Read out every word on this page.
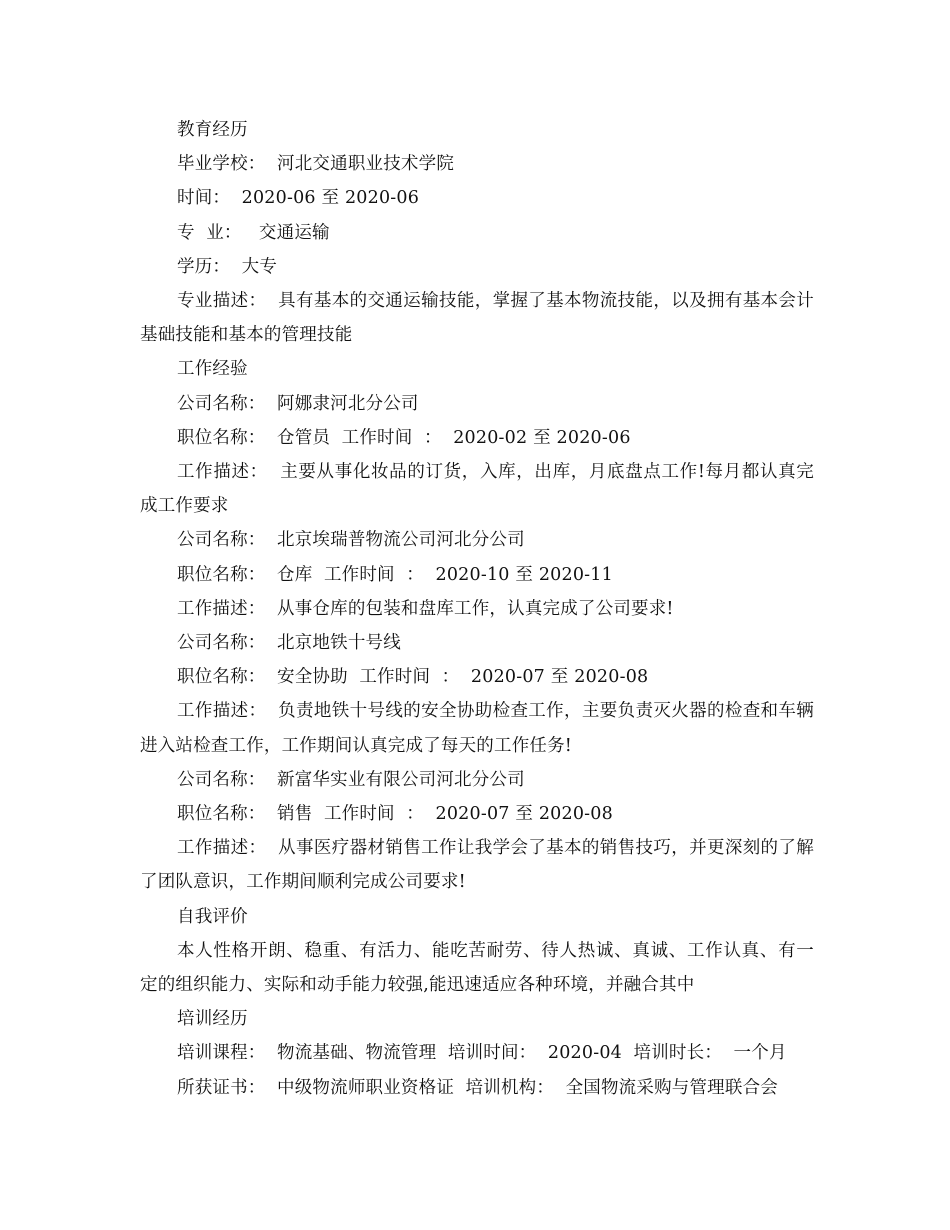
教育经历
毕业学校：  河北交通职业技术学院
时间：  2020-06 至 2020-06
专  业：   交通运输
学历：  大专
专业描述：  具有基本的交通运输技能，掌握了基本物流技能，以及拥有基本会计基础技能和基本的管理技能
工作经验
公司名称：  阿娜隶河北分公司
职位名称：  仓管员  工作时间  ：  2020-02 至 2020-06
工作描述：  主要从事化妆品的订货，入库，出库，月底盘点工作!每月都认真完成工作要求
公司名称：  北京埃瑞普物流公司河北分公司
职位名称：  仓库  工作时间  ：  2020-10 至 2020-11
工作描述：  从事仓库的包装和盘库工作，认真完成了公司要求!
公司名称：  北京地铁十号线
职位名称：  安全协助  工作时间  ：  2020-07 至 2020-08
工作描述：  负责地铁十号线的安全协助检查工作，主要负责灭火器的检查和车辆进入站检查工作，工作期间认真完成了每天的工作任务!
公司名称：  新富华实业有限公司河北分公司
职位名称：  销售  工作时间  ：  2020-07 至 2020-08
工作描述：  从事医疗器材销售工作让我学会了基本的销售技巧，并更深刻的了解了团队意识，工作期间顺利完成公司要求!
自我评价
本人性格开朗、稳重、有活力、能吃苦耐劳、待人热诚、真诚、工作认真、有一定的组织能力、实际和动手能力较强,能迅速适应各种环境，并融合其中
培训经历
培训课程：  物流基础、物流管理  培训时间：  2020-04  培训时长：  一个月
所获证书：  中级物流师职业资格证  培训机构：  全国物流采购与管理联合会
